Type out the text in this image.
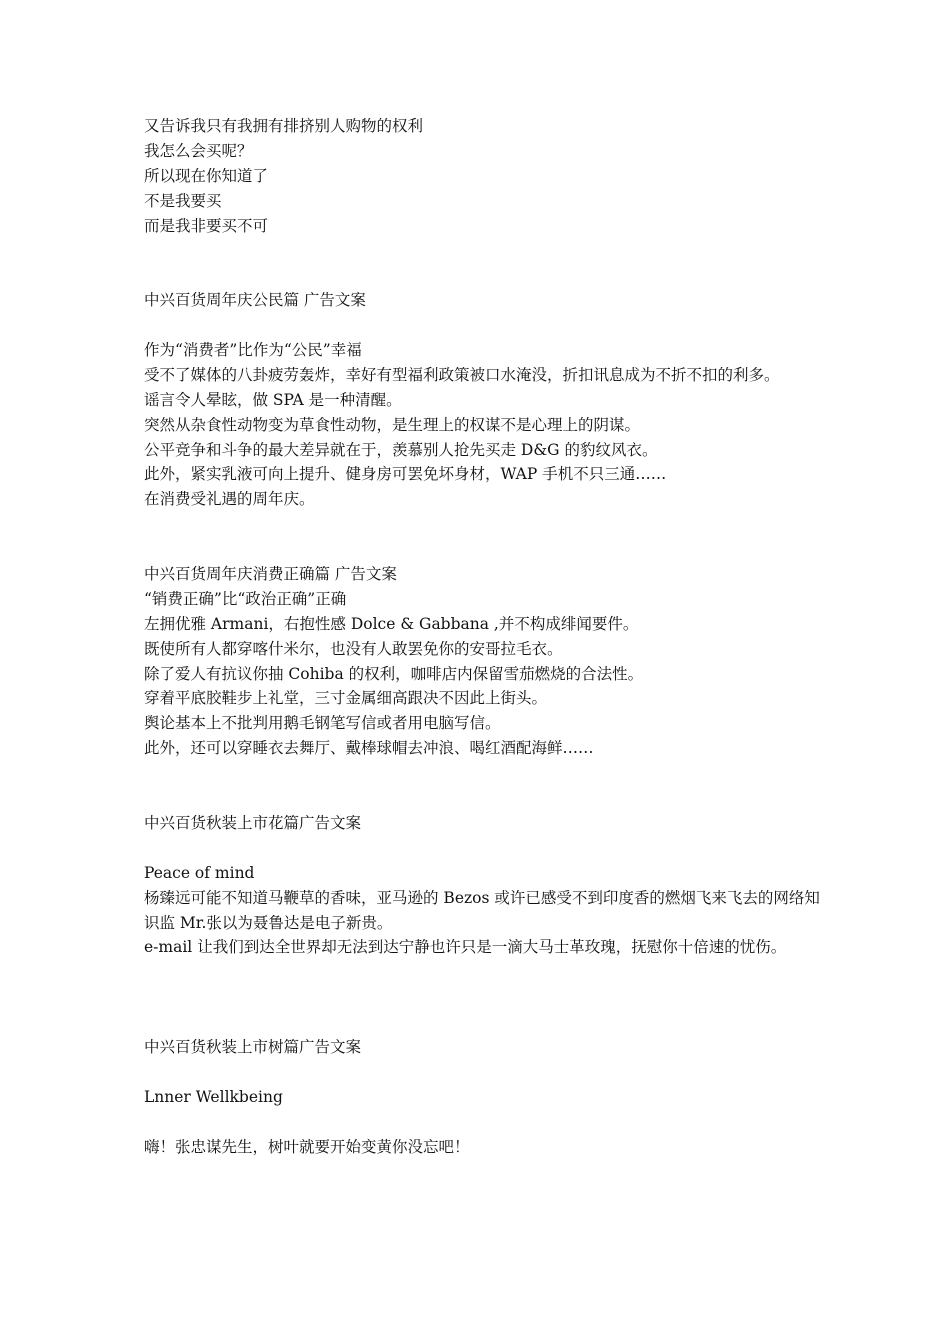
又告诉我只有我拥有排挤别人购物的权利
我怎么会买呢？
所以现在你知道了
不是我要买
而是我非要买不可
中兴百货周年庆公民篇 广告文案
作为“消费者”比作为“公民”幸福
受不了媒体的八卦疲劳轰炸，幸好有型福利政策被口水淹没，折扣讯息成为不折不扣的利多。
谣言令人晕眩，做 SPA 是一种清醒。
突然从杂食性动物变为草食性动物，是生理上的权谋不是心理上的阴谋。
公平竞争和斗争的最大差异就在于，羡慕别人抢先买走 D&G 的豹纹风衣。
此外，紧实乳液可向上提升、健身房可罢免坏身材，WAP 手机不只三通……
在消费受礼遇的周年庆。
中兴百货周年庆消费正确篇 广告文案
“销费正确”比“政治正确”正确
左拥优雅 Armani，右抱性感 Dolce & Gabbana ,并不构成绯闻要件。
既使所有人都穿喀什米尔，也没有人敢罢免你的安哥拉毛衣。
除了爱人有抗议你抽 Cohiba 的权利，咖啡店内保留雪茄燃烧的合法性。
穿着平底胶鞋步上礼堂，三寸金属细高跟决不因此上街头。
舆论基本上不批判用鹅毛钢笔写信或者用电脑写信。
此外，还可以穿睡衣去舞厅、戴棒球帽去冲浪、喝红酒配海鲜……
中兴百货秋装上市花篇广告文案
Peace of mind
杨臻远可能不知道马鞭草的香味，亚马逊的 Bezos 或许已感受不到印度香的燃烟飞来飞去的网络知识监 Mr.张以为聂鲁达是电子新贵。
e-mail 让我们到达全世界却无法到达宁静也许只是一滴大马士革玫瑰，抚慰你十倍速的忧伤。
中兴百货秋装上市树篇广告文案
Lnner Wellkbeing
嗨！张忠谋先生，树叶就要开始变黄你没忘吧！
